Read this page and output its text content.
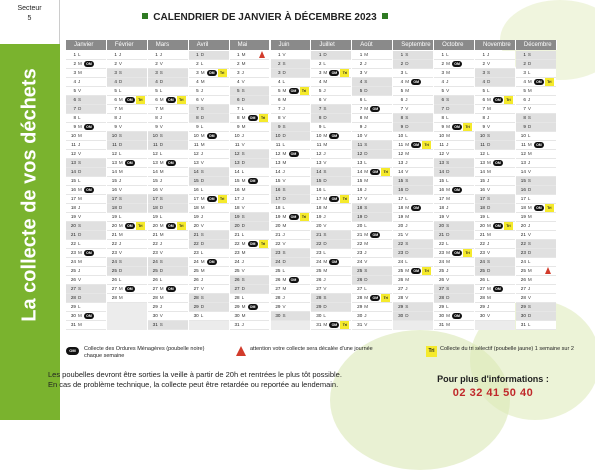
La collecte de vos déchets
Secteur
5	CALENDRIER DE JANVIER À DÉCEMBRE 2023
Janvier
1 L
2 M	OM
3 M
4 J
5 V
6 S
7 D
8 L
9 M	OM
10 M
11 J
12 V
13 S
14 D
15 L
16 M	OM
17 M
18 J
19 V
20 S
21 D
22 L
23 M	OM
24 M
25 J
26 V
27 S
28 D
29 L
30 M	OM
31 M
Février
1 J
2 V
3 S
4 D
5 L
6 M	OM	Tri
7 M
8 J
9 V
10 S
11 D
12 L
13 M	OM
14 M
15 J
16 V
17 S
18 D
19 L
20 M	OM	Tri
21 M
22 J
23 V
24 S
25 D
26 L
27 M	OM
28 M
Mars
1 J
2 V
3 S
4 D
5 L
6 M	OM	Tri
7 M
8 J
9 V
10 S
11 D
12 L
13 M	OM
14 M
15 J
16 V
17 S
18 D
19 L
20 M	OM	Tri
21 M
22 J
23 V
24 S
25 D
26 L
27 M	OM
28 M
29 J
30 V
31 S
Avril
1 D
2 L
3 M	OM	Tri
4 M
5 J
6 V
7 S
8 D
9 L
10 M	OM
11 M
12 J
13 V
14 S
15 D
16 L
17 M	OM	Tri
18 M
19 J
20 V
21 S
22 D
23 L
24 M	OM
25 M
26 J
27 V
28 S
29 D
30 L
Mai
1 M
2 M
3 J
4 V
5 S
6 D
7 L
8 M	OM	Tri
9 M
10 J
11 V
12 S
13 D
14 L
15 M	OM
16 M
17 J
18 V
19 S
20 D
21 L
22 M	OM	Tri
23 M
24 J
25 V
26 S
27 D
28 L
29 M	OM
30 M
31 J
Juin
1 V
2 S
3 D
4 L
5 M	OM	Tri
6 M
7 J
8 V
9 S
10 D
11 L
12 M	OM
13 M
14 J
15 V
16 S
17 D
18 L
19 M	OM	Tri
20 M
21 J
22 V
23 S
24 D
25 L
26 M	OM
27 M
28 J
29 V
30 S
Juillet
1 D
2 L
3 M	OM	Tri
4 M
5 J
6 V
7 S
8 D
9 L
10 M	OM
11 M
12 J
13 V
14 S
15 D
16 L
17 M	OM	Tri
18 M
19 J
20 V
21 S
22 D
23 L
24 M	OM
25 M
26 J
27 V
28 S
29 D
30 L
31 M	OM	Tri
Août
1 M
2 J
3 V
4 S
5 D
6 L
7 M	OM
8 M
9 J
10 V
11 S
12 D
13 L
14 M	OM	Tri
15 M
16 J
17 V
18 S
19 D
20 L
21 M	OM
22 M
23 J
24 V
25 S
26 D
27 L
28 M	OM	Tri
29 M
30 J
31 V
Septembre
1 S
2 D
3 L
4 M	OM
5 M
6 J
7 V
8 S
9 D
10 L
11 M	OM	Tri
12 M
13 J
14 V
15 S
16 D
17 L
18 M	OM
19 M
20 J
21 V
22 S
23 D
24 L
25 M	OM	Tri
26 M
27 J
28 V
29 S
30 D
Octobre
1 L
2 M	OM
3 M
4 J
5 V
6 S
7 D
8 L
9 M	OM	Tri
10 M
11 J
12 V
13 S
14 D
15 L
16 M	OM
17 M
18 J
19 V
20 S
21 D
22 L
23 M	OM	Tri
24 M
25 J
26 V
27 S
28 D
29 L
30 M	OM
31 M
Novembre
1 J
2 V
3 S
4 D
5 L
6 M	OM	Tri
7 M
8 J
9 V
10 S
11 D
12 L
13 M	OM
14 M
15 J
16 V
17 S
18 D
19 L
20 M	OM	Tri
21 M
22 J
23 V
24 S
25 D
26 L
27 M	OM
28 M
29 J
30 V
Décembre
1 S
2 D
3 L
4 M	OM	Tri
5 M
6 J
7 V
8 S
9 D
10 L
11 M	OM
12 M
13 J
14 V
15 S
16 D
17 L
18 M	OM	Tri
19 M
20 J
21 V
22 S
23 D
24 L
25 M
26 M
27 J
28 V
29 S
30 D
31 L
OM	Collecte des Ordures Ménagères (poubelle noire) chaque semaine
attention votre collecte sera décalée d'une journée	Tri Collecte du tri sélectif (poubelle jaune) 1 semaine sur 2
Les poubelles devront être sorties la veille à partir de 20h et rentrées le plus tôt possible.
En cas de problème technique, la collecte peut être retardée ou reportée au lendemain.	Pour plus d'informations :
02 32 41 50 40
